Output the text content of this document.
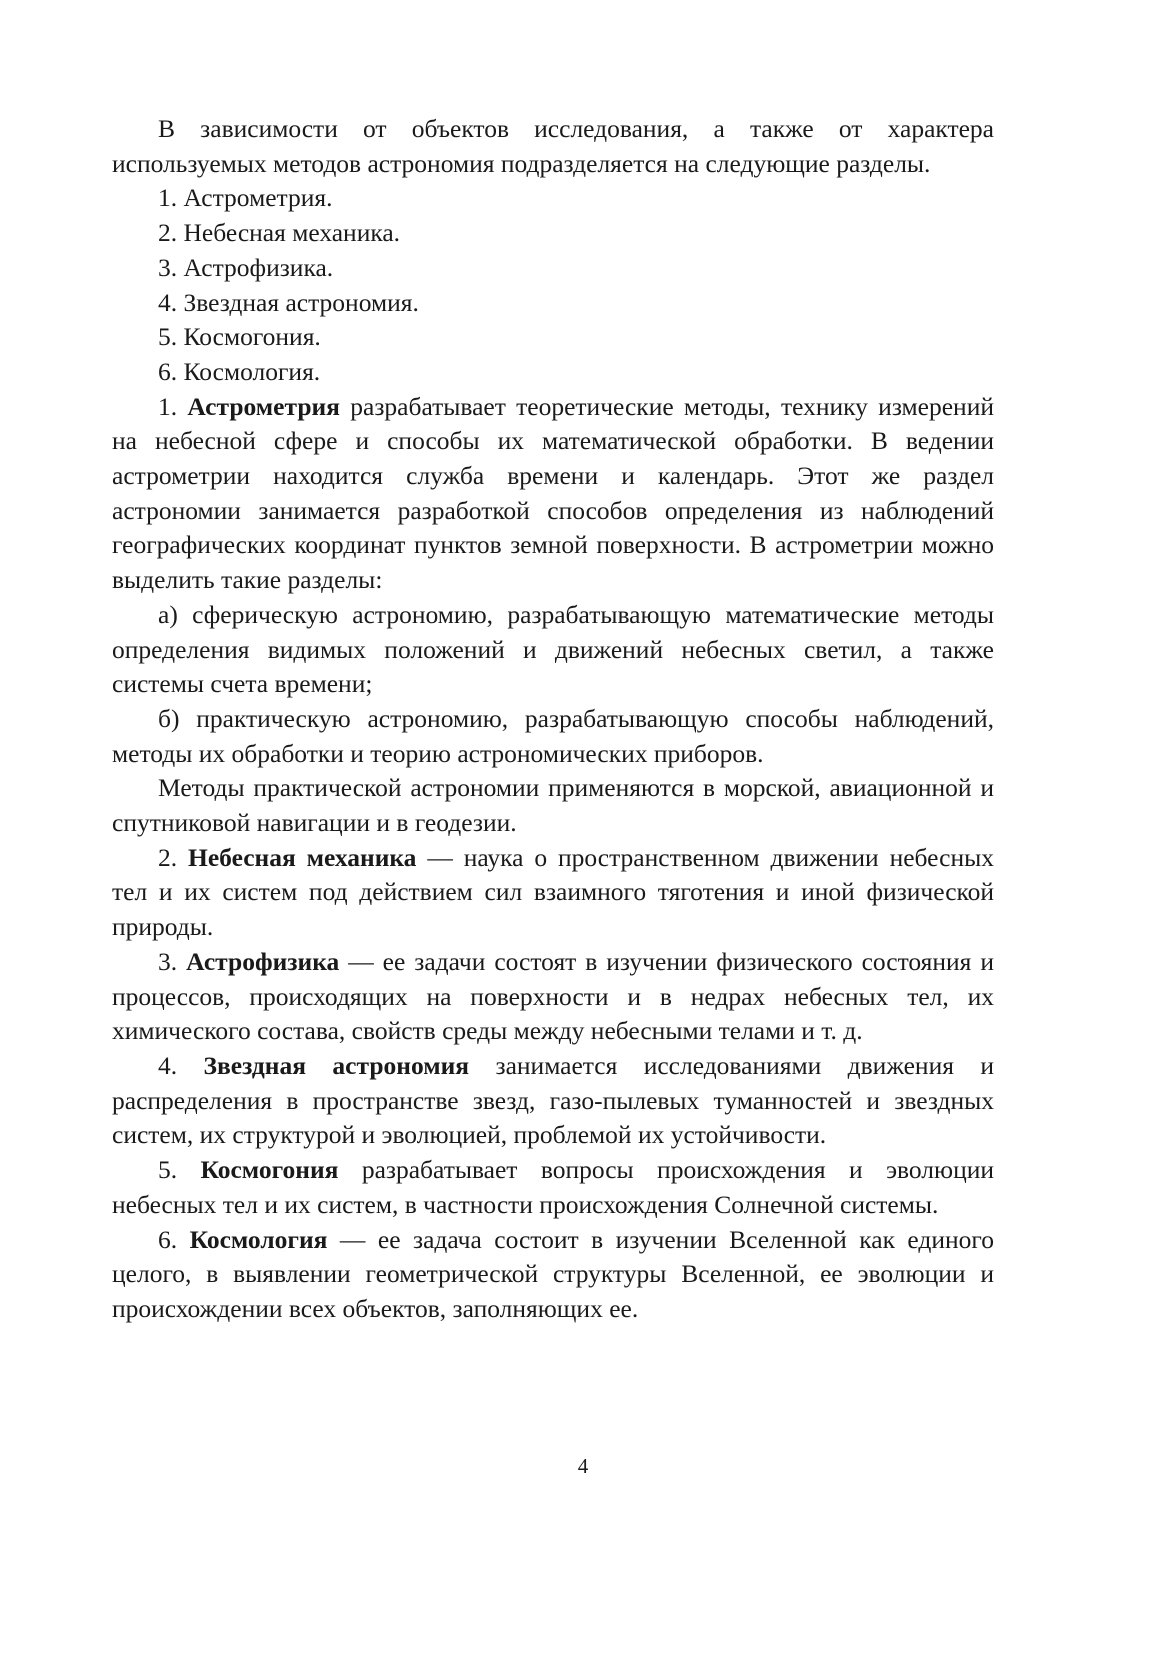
В зависимости от объектов исследования, а также от характера используемых методов астрономия подразделяется на следующие разделы.

1. Астрометрия.

2. Небесная механика.

3. Астрофизика.

4. Звездная астрономия.

5. Космогония.

6. Космология.

1. Астрометрия разрабатывает теоретические методы, технику измерений на небесной сфере и способы их математической обработки. В ведении астрометрии находится служба времени и календарь. Этот же раздел астрономии занимается разработкой способов определения из наблюдений географических координат пунктов земной поверхности. В астрометрии можно выделить такие разделы:

а) сферическую астрономию, разрабатывающую математические методы определения видимых положений и движений небесных светил, а также системы счета времени;

б) практическую астрономию, разрабатывающую способы наблюдений, методы их обработки и теорию астрономических приборов.

Методы практической астрономии применяются в морской, авиационной и спутниковой навигации и в геодезии.

2. Небесная механика — наука о пространственном движении небесных тел и их систем под действием сил взаимного тяготения и иной физической природы.

3. Астрофизика — ее задачи состоят в изучении физического состояния и процессов, происходящих на поверхности и в недрах небесных тел, их химического состава, свойств среды между небесными телами и т. д.

4. Звездная астрономия занимается исследованиями движения и распределения в пространстве звезд, газо-пылевых туманностей и звездных систем, их структурой и эволюцией, проблемой их устойчивости.

5. Космогония разрабатывает вопросы происхождения и эволюции небесных тел и их систем, в частности происхождения Солнечной системы.

6. Космология — ее задача состоит в изучении Вселенной как единого целого, в выявлении геометрической структуры Вселенной, ее эволюции и происхождении всех объектов, заполняющих ее.

4
